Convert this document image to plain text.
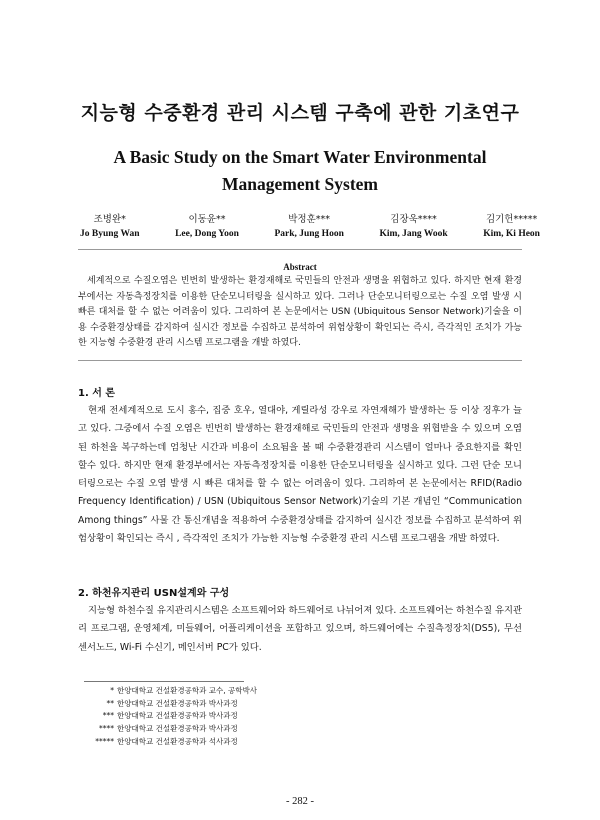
지능형 수중환경 관리 시스템 구축에 관한 기초연구
A Basic Study on the Smart Water Environmental
Management System
조병완*
Jo Byung Wan
이동윤**
Lee, Dong Yoon
박정훈***
Park, Jung Hoon
김장욱****
Kim, Jang Wook
김기헌*****
Kim, Ki Heon
Abstract
세계적으로 수질오염은 빈번히 발생하는 환경재해로 국민들의 안전과 생명을 위협하고 있다. 하지만 현재 환경부에서는 자동측정장치를 이용한 단순모니터링을 실시하고 있다. 그러나 단순모니터링으로는 수질 오염 발생 시 빠른 대처를 할 수 없는 어려움이 있다. 그리하여 본 논문에서는 USN (Ubiquitous Sensor Network)기술을 이용 수중환경상태를 감지하여 실시간 정보를 수집하고 분석하여 위험상황이 확인되는 즉시, 즉각적인 조치가 가능한 지능형 수중환경 관리 시스템 프로그램을 개발 하였다.
1. 서 론
현재 전세계적으로 도시 홍수, 집중 호우, 열대야, 게릴라성 강우로 자연재해가 발생하는 등 이상 징후가 늘고 있다. 그중에서 수질 오염은 빈번히 발생하는 환경재해로 국민들의 안전과 생명을 위협받을 수 있으며 오염된 하천을 복구하는데 엄청난 시간과 비용이 소요됨을 볼 때 수중환경관리 시스템이 얼마나 중요한지를 확인 할수 있다. 하지만 현재 환경부에서는 자동측정장치를 이용한 단순모니터링을 실시하고 있다. 그런 단순 모니터링으로는 수질 오염 발생 시 빠른 대처를 할 수 없는 어려움이 있다. 그리하여 본 논문에서는 RFID(Radio Frequency Identification) / USN (Ubiquitous Sensor Network)기술의 기본 개념인 “Communication Among things” 사물 간 통신개념을 적용하여 수중환경상태를 감지하여 실시간 정보를 수집하고 분석하여 위험상황이 확인되는 즉시 , 즉각적인 조치가 가능한 지능형 수중환경 관리 시스템 프로그램을 개발 하였다.
2. 하천유지관리 USN설계와 구성
지능형 하천수질 유지관리시스템은 소프트웨어와 하드웨어로 나뉘어져 있다. 소프트웨어는 하천수질 유지관리 프로그램, 운영체계, 미들웨어, 어플리케이션을 포함하고 있으며, 하드웨어에는 수질측정장치(DS5), 무선센서노드, Wi-Fi 수신기, 메인서버 PC가 있다.
* 한양대학교 건설환경공학과 교수, 공학박사
** 한양대학교 건설환경공학과 박사과정
*** 한양대학교 건설환경공학과 박사과정
**** 한양대학교 건설환경공학과 박사과정
***** 한양대학교 건설환경공학과 석사과정
- 282 -
